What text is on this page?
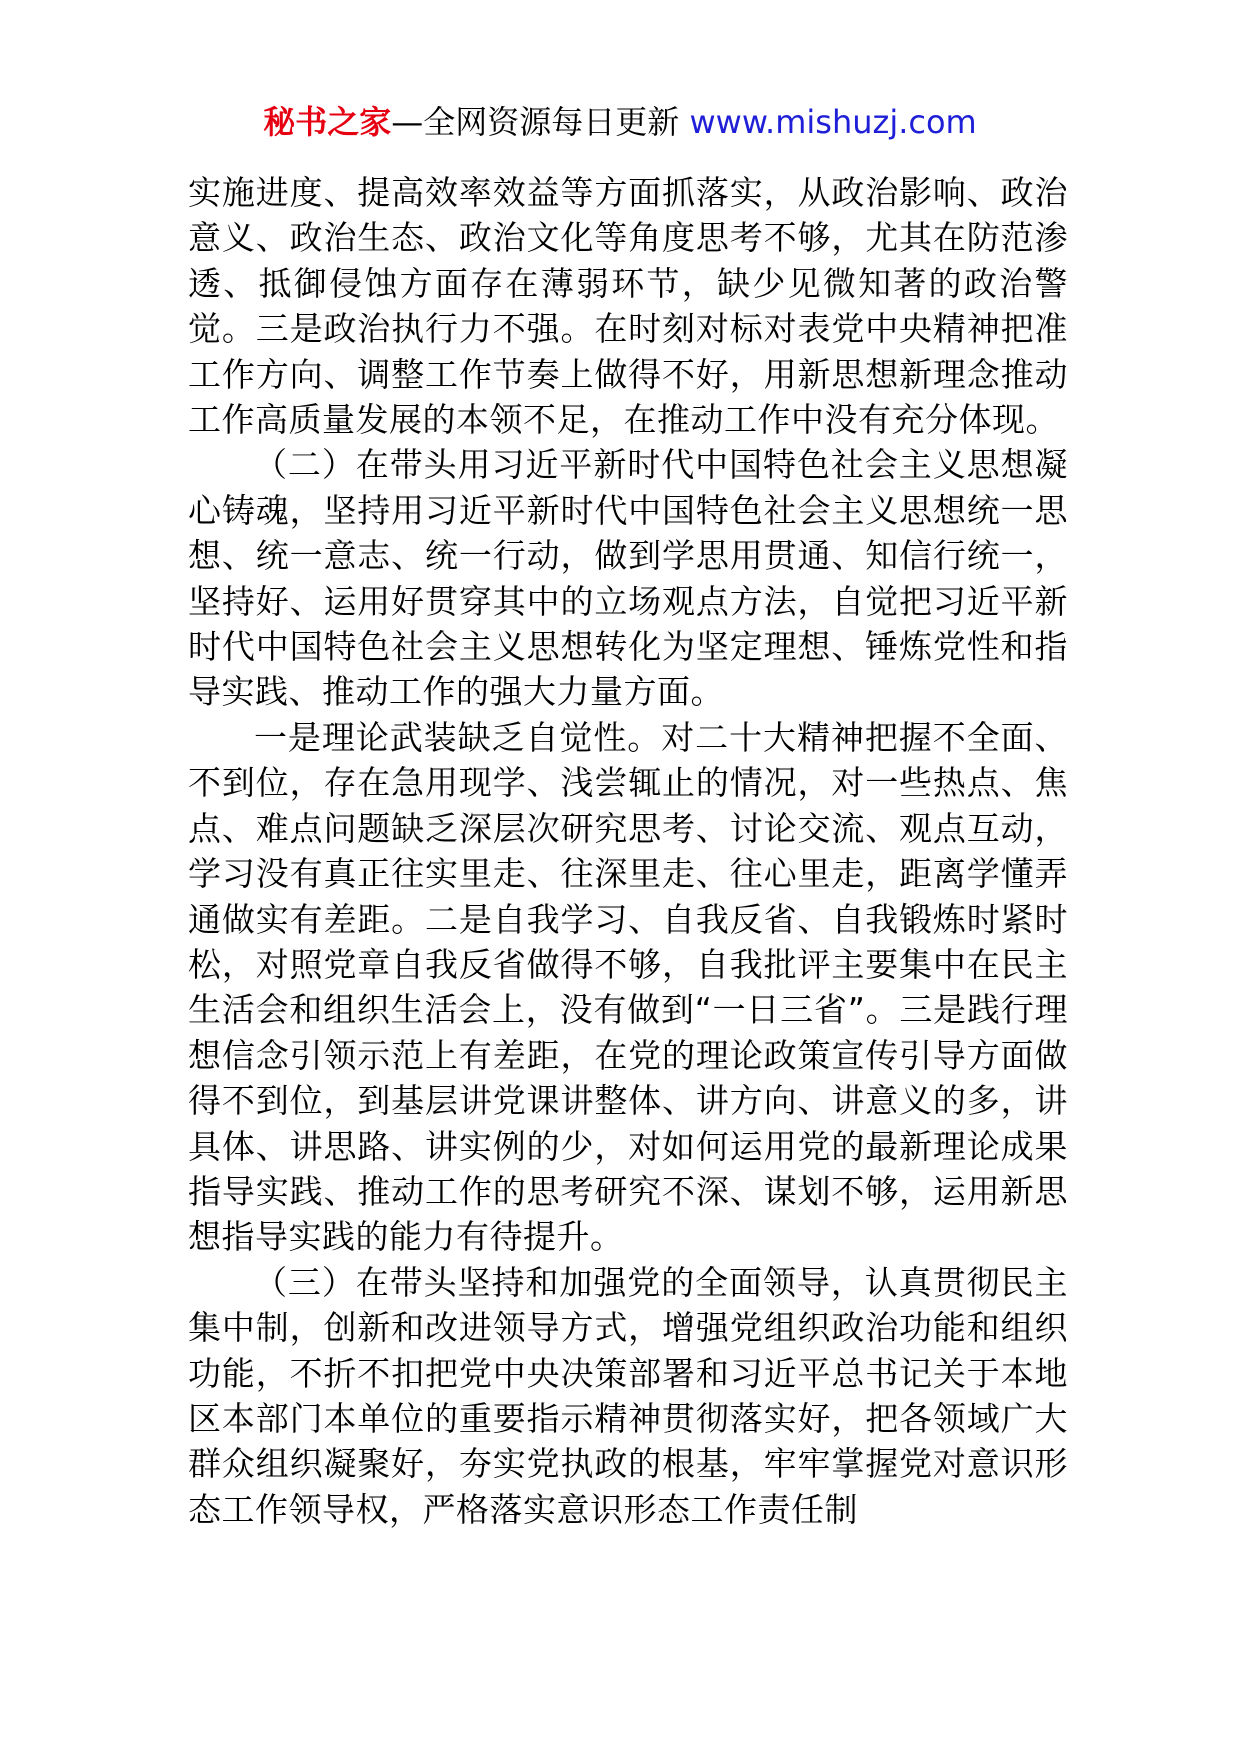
秘书之家—全网资源每日更新 www.mishuzj.com

实施进度、提高效率效益等方面抓落实，从政治影响、政治意义、政治生态、政治文化等角度思考不够，尤其在防范渗透、抵御侵蚀方面存在薄弱环节，缺少见微知著的政治警觉。三是政治执行力不强。在时刻对标对表党中央精神把准工作方向、调整工作节奏上做得不好，用新思想新理念推动工作高质量发展的本领不足，在推动工作中没有充分体现。

（二）在带头用习近平新时代中国特色社会主义思想凝心铸魂，坚持用习近平新时代中国特色社会主义思想统一思想、统一意志、统一行动，做到学思用贯通、知信行统一，坚持好、运用好贯穿其中的立场观点方法，自觉把习近平新时代中国特色社会主义思想转化为坚定理想、锤炼党性和指导实践、推动工作的强大力量方面。

一是理论武装缺乏自觉性。对二十大精神把握不全面、不到位，存在急用现学、浅尝辄止的情况，对一些热点、焦点、难点问题缺乏深层次研究思考、讨论交流、观点互动，学习没有真正往实里走、往深里走、往心里走，距离学懂弄通做实有差距。二是自我学习、自我反省、自我锻炼时紧时松，对照党章自我反省做得不够，自我批评主要集中在民主生活会和组织生活会上，没有做到“一日三省”。三是践行理想信念引领示范上有差距，在党的理论政策宣传引导方面做得不到位，到基层讲党课讲整体、讲方向、讲意义的多，讲具体、讲思路、讲实例的少，对如何运用党的最新理论成果指导实践、推动工作的思考研究不深、谋划不够，运用新思想指导实践的能力有待提升。

（三）在带头坚持和加强党的全面领导，认真贯彻民主集中制，创新和改进领导方式，增强党组织政治功能和组织功能，不折不扣把党中央决策部署和习近平总书记关于本地区本部门本单位的重要指示精神贯彻落实好，把各领域广大群众组织凝聚好，夯实党执政的根基，牢牢掌握党对意识形态工作领导权，严格落实意识形态工作责任制
